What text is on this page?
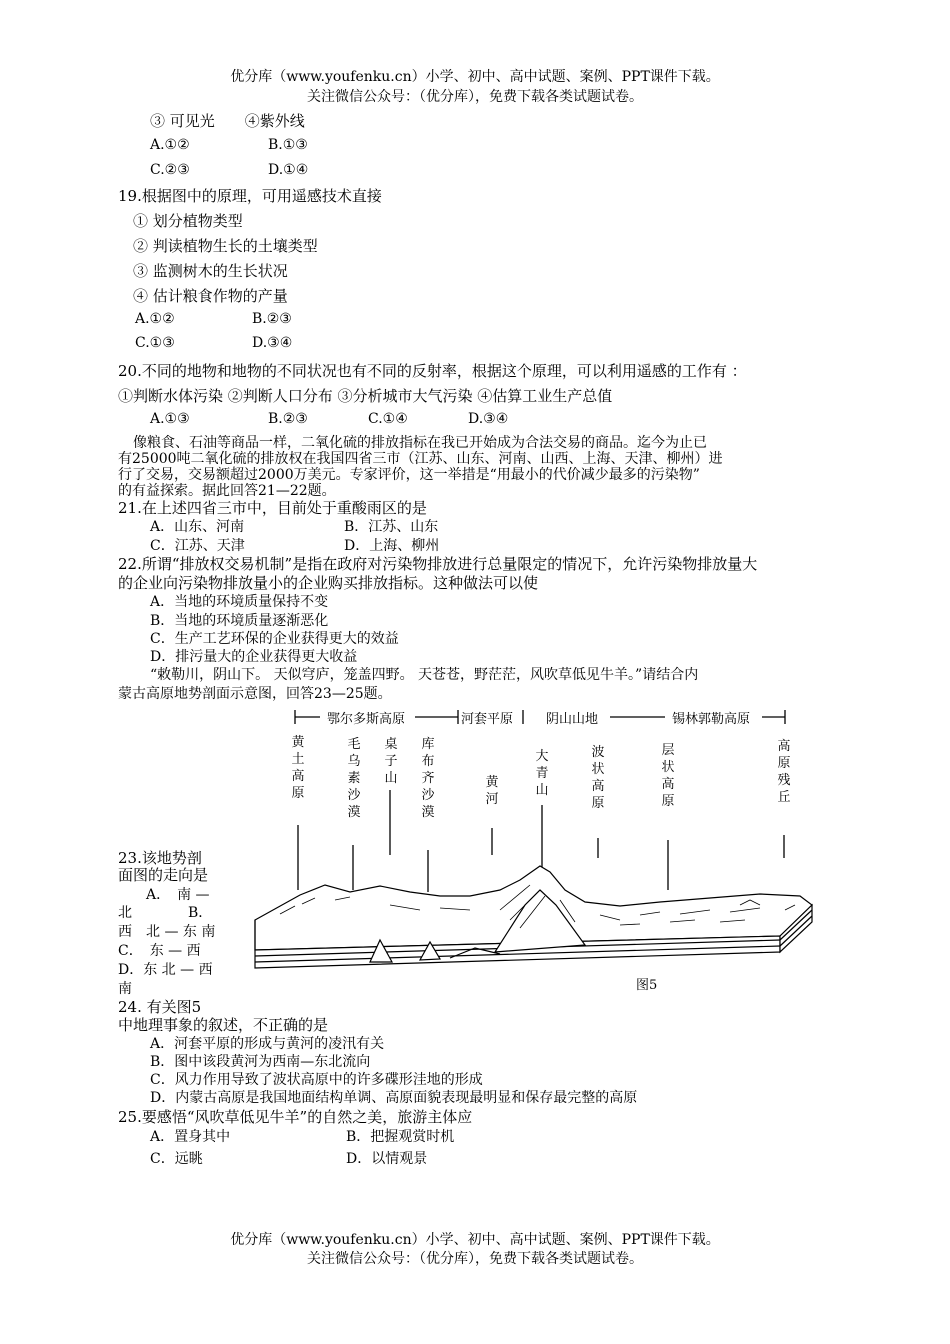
优分库（www.youfenku.cn）小学、初中、高中试题、案例、PPT课件下载。
关注微信公众号：（优分库），免费下载各类试题试卷。
③ 可见光　　④紫外线
A.①②	B.①③
C.②③	D.①④
19.根据图中的原理，可用遥感技术直接
① 划分植物类型
② 判读植物生长的土壤类型
③ 监测树木的生长状况
④ 估计粮食作物的产量
A.①②	B.②③
C.①③	D.③④
20.不同的地物和地物的不同状况也有不同的反射率，根据这个原理，可以利用遥感的工作有 ：
①判断水体污染 ②判断人口分布 ③分析城市大气污染 ④估算工业生产总值
A.①③	B.②③	C.①④	D.③④
像粮食、石油等商品一样，二氧化硫的排放指标在我已开始成为合法交易的商品。迄今为止已
有25000吨二氧化硫的排放权在我国四省三市（江苏、山东、河南、山西、上海、天津、柳州）进
行了交易，交易额超过2000万美元。专家评价，这一举措是“用最小的代价减少最多的污染物”
的有益探索。据此回答21—22题。
21.在上述四省三市中，目前处于重酸雨区的是
A．山东、河南	B．江苏、山东
C．江苏、天津	D．上海、柳州
22.所谓“排放权交易机制”是指在政府对污染物排放进行总量限定的情况下，允许污染物排放量大
的企业向污染物排放量小的企业购买排放指标。这种做法可以使
A．当地的环境质量保持不变
B．当地的环境质量逐渐恶化
C．生产工艺环保的企业获得更大的效益
D．排污量大的企业获得更大收益
“敕勒川，阴山下。 天似穹庐，笼盖四野。 天苍苍，野茫茫，风吹草低见牛羊。”请结合内
蒙古高原地势剖面示意图，回答23—25题。
鄂尔多斯高原	河套平原	阴山山地	锡林郭勒高原
黄土高原
毛乌素沙漠
桌子山
库布齐沙漠
黄河
大青山
波状高原
层状高原
高原残丘
图5
23.该地势剖
面图的走向是
　　A．　南 —
北　　　　B．
西　北 — 东 南
C．　东 — 西
D．东 北 — 西
南
24. 有关图5
中地理事象的叙述，不正确的是
A．河套平原的形成与黄河的凌汛有关
B．图中该段黄河为西南—东北流向
C．风力作用导致了波状高原中的许多碟形洼地的形成
D．内蒙古高原是我国地面结构单调、高原面貌表现最明显和保存最完整的高原
25.要感悟“风吹草低见牛羊”的自然之美，旅游主体应
A．置身其中	B．把握观赏时机
C．远眺	D．以情观景
优分库（www.youfenku.cn）小学、初中、高中试题、案例、PPT课件下载。
关注微信公众号：（优分库），免费下载各类试题试卷。
